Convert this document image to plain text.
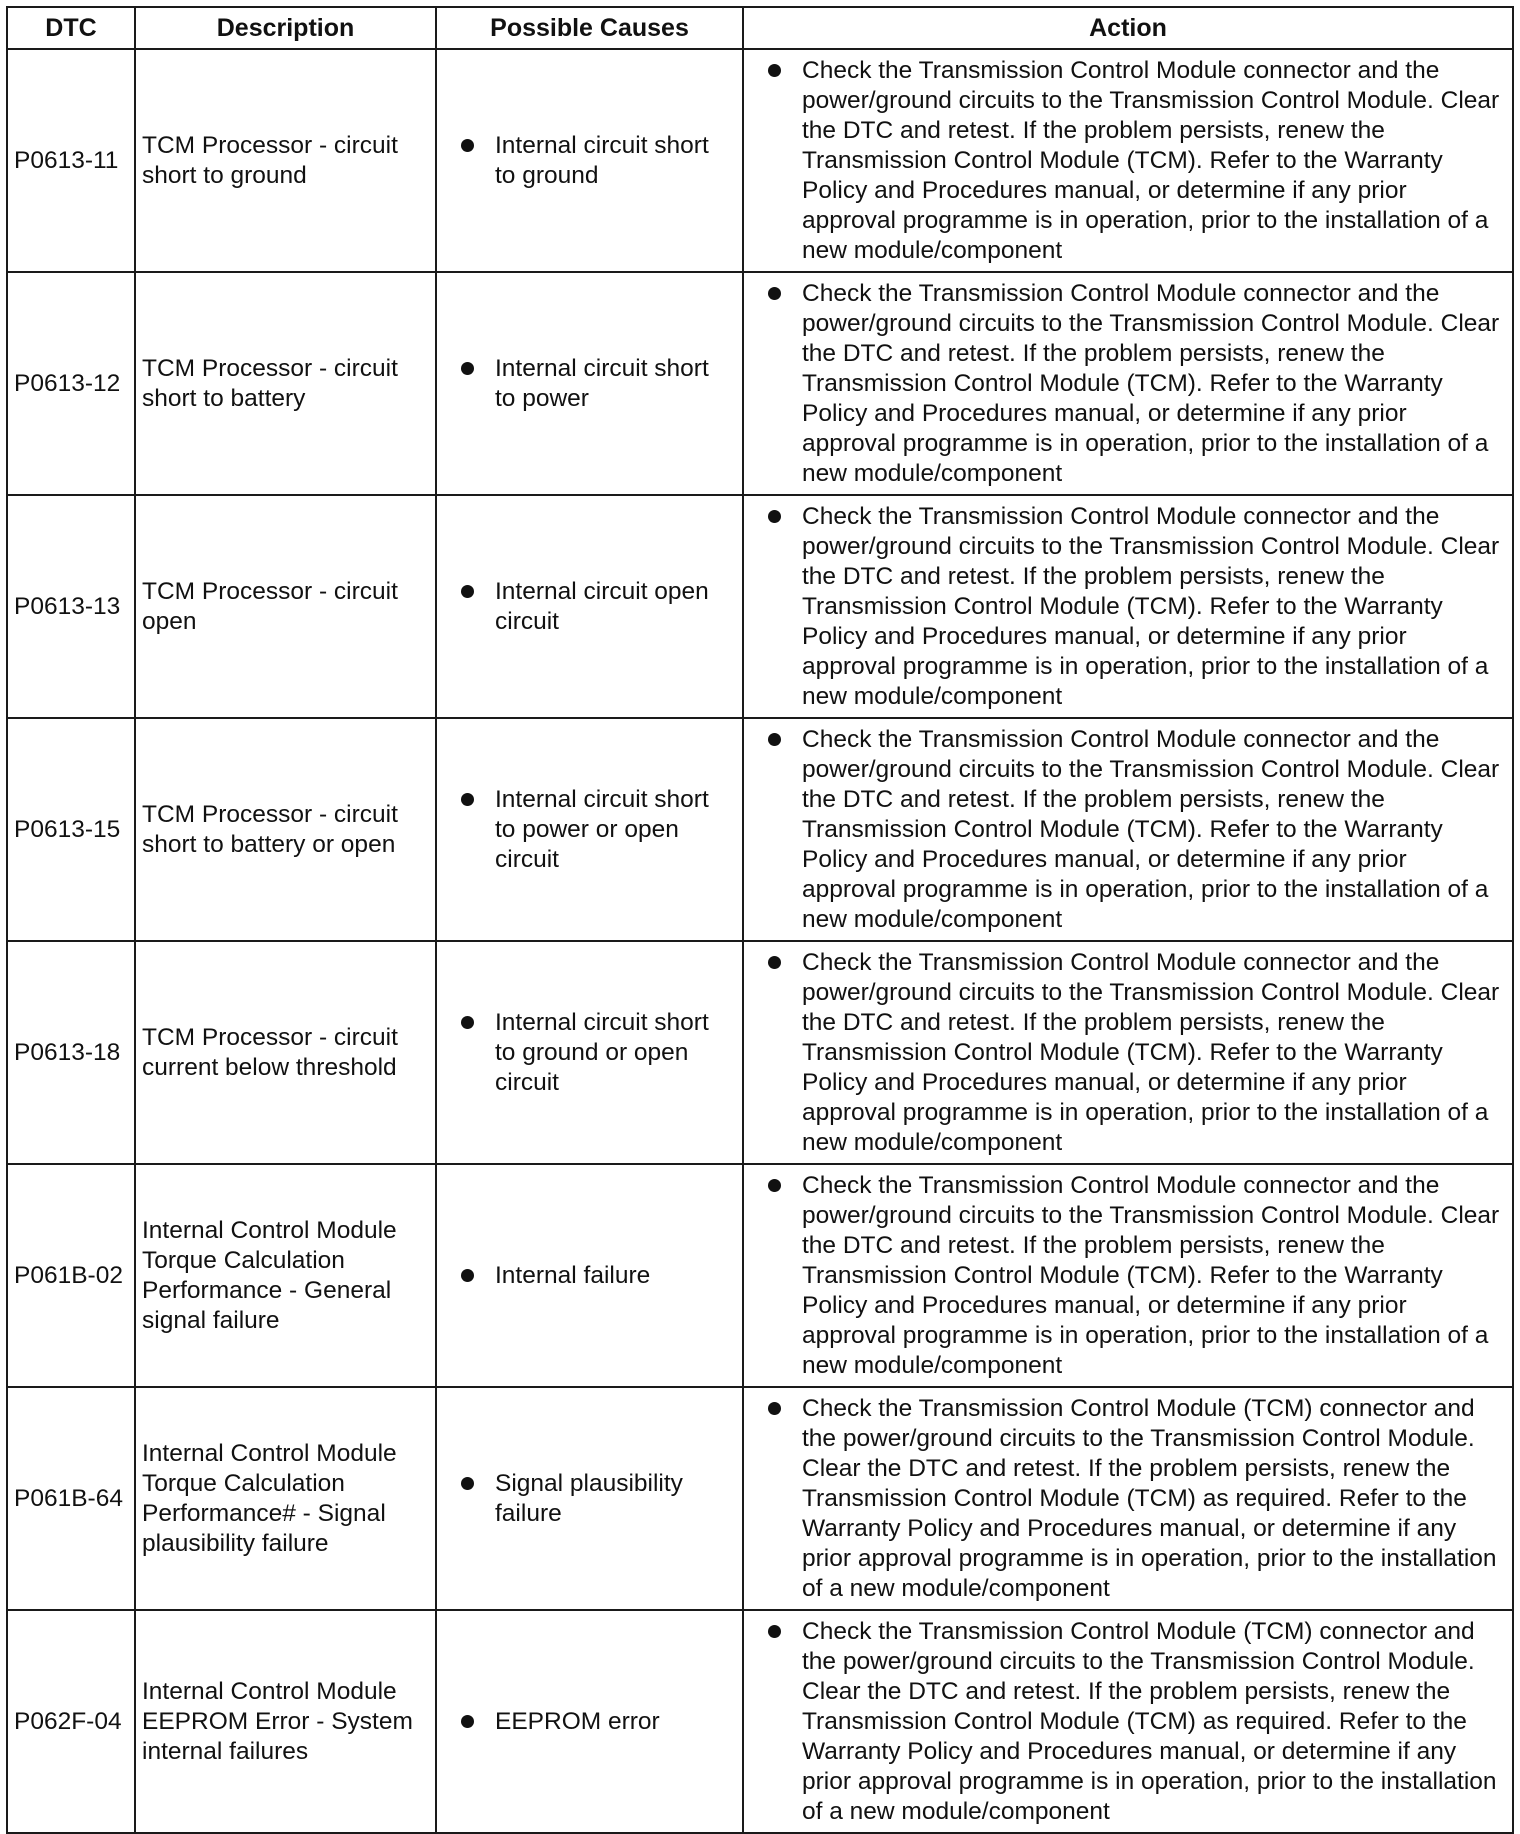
DTC	Description	Possible Causes	Action
P0613-11	TCM Processor - circuit short to ground	Internal circuit short to ground	Check the Transmission Control Module connector and the power/ground circuits to the Transmission Control Module. Clear the DTC and retest. If the problem persists, renew the Transmission Control Module (TCM). Refer to the Warranty Policy and Procedures manual, or determine if any prior approval programme is in operation, prior to the installation of a new module/component

P0613-12	TCM Processor - circuit short to battery	Internal circuit short to power	Check the Transmission Control Module connector and the power/ground circuits to the Transmission Control Module. Clear the DTC and retest. If the problem persists, renew the Transmission Control Module (TCM). Refer to the Warranty Policy and Procedures manual, or determine if any prior approval programme is in operation, prior to the installation of a new module/component

P0613-13	TCM Processor - circuit open	Internal circuit open circuit	Check the Transmission Control Module connector and the power/ground circuits to the Transmission Control Module. Clear the DTC and retest. If the problem persists, renew the Transmission Control Module (TCM). Refer to the Warranty Policy and Procedures manual, or determine if any prior approval programme is in operation, prior to the installation of a new module/component

P0613-15	TCM Processor - circuit short to battery or open	Internal circuit short to power or open circuit	Check the Transmission Control Module connector and the power/ground circuits to the Transmission Control Module. Clear the DTC and retest. If the problem persists, renew the Transmission Control Module (TCM). Refer to the Warranty Policy and Procedures manual, or determine if any prior approval programme is in operation, prior to the installation of a new module/component

P0613-18	TCM Processor - circuit current below threshold	Internal circuit short to ground or open circuit	Check the Transmission Control Module connector and the power/ground circuits to the Transmission Control Module. Clear the DTC and retest. If the problem persists, renew the Transmission Control Module (TCM). Refer to the Warranty Policy and Procedures manual, or determine if any prior approval programme is in operation, prior to the installation of a new module/component

P061B-02	Internal Control Module Torque Calculation Performance - General signal failure	Internal failure	Check the Transmission Control Module connector and the power/ground circuits to the Transmission Control Module. Clear the DTC and retest. If the problem persists, renew the Transmission Control Module (TCM). Refer to the Warranty Policy and Procedures manual, or determine if any prior approval programme is in operation, prior to the installation of a new module/component

P061B-64	Internal Control Module Torque Calculation Performance# - Signal plausibility failure	Signal plausibility failure	Check the Transmission Control Module (TCM) connector and the power/ground circuits to the Transmission Control Module. Clear the DTC and retest. If the problem persists, renew the Transmission Control Module (TCM) as required. Refer to the Warranty Policy and Procedures manual, or determine if any prior approval programme is in operation, prior to the installation of a new module/component

P062F-04	Internal Control Module EEPROM Error - System internal failures	EEPROM error	Check the Transmission Control Module (TCM) connector and the power/ground circuits to the Transmission Control Module. Clear the DTC and retest. If the problem persists, renew the Transmission Control Module (TCM) as required. Refer to the Warranty Policy and Procedures manual, or determine if any prior approval programme is in operation, prior to the installation of a new module/component
